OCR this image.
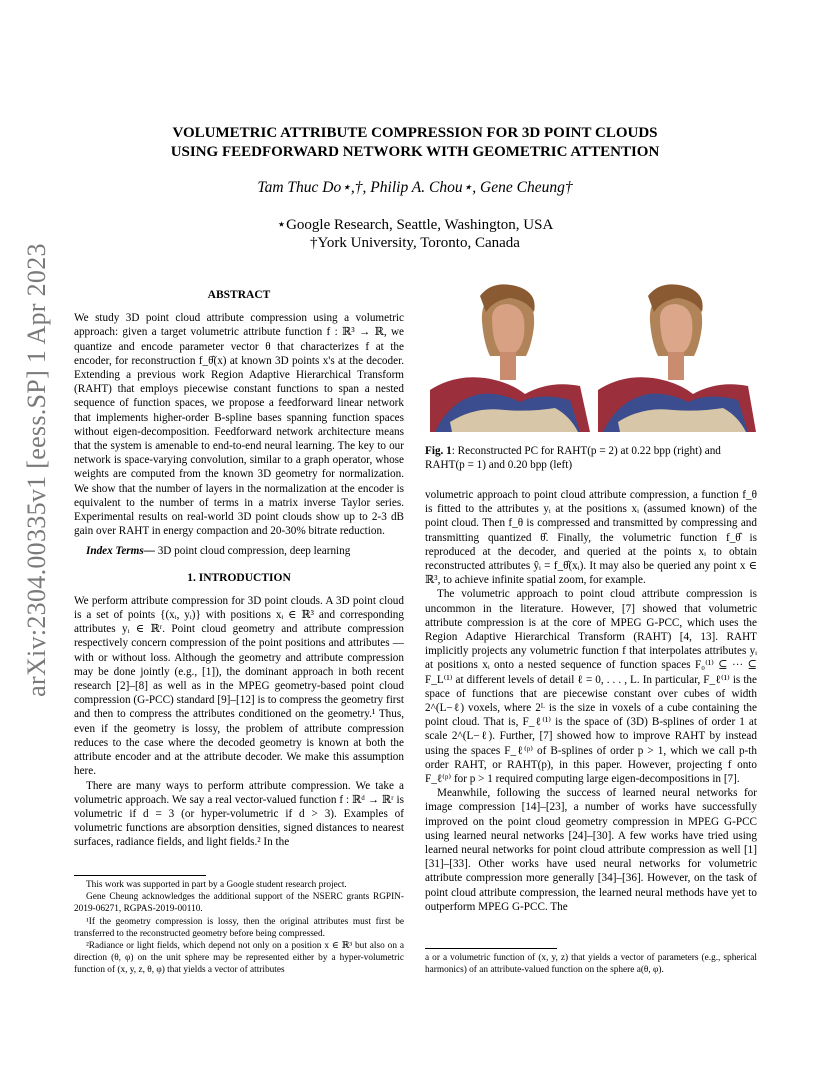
arXiv:2304.00335v1 [eess.SP] 1 Apr 2023
VOLUMETRIC ATTRIBUTE COMPRESSION FOR 3D POINT CLOUDS
USING FEEDFORWARD NETWORK WITH GEOMETRIC ATTENTION
Tam Thuc Do⋆,†, Philip A. Chou⋆, Gene Cheung†
⋆Google Research, Seattle, Washington, USA
†York University, Toronto, Canada
ABSTRACT

We study 3D point cloud attribute compression using a volumetric approach: given a target volumetric attribute function f : ℝ³ → ℝ, we quantize and encode parameter vector θ that characterizes f at the encoder, for reconstruction f_θ̂(x) at known 3D points x's at the decoder. Extending a previous work Region Adaptive Hierarchical Transform (RAHT) that employs piecewise constant functions to span a nested sequence of function spaces, we propose a feedforward linear network that implements higher-order B-spline bases spanning function spaces without eigen-decomposition. Feedforward network architecture means that the system is amenable to end-to-end neural learning. The key to our network is space-varying convolution, similar to a graph operator, whose weights are computed from the known 3D geometry for normalization. We show that the number of layers in the normalization at the encoder is equivalent to the number of terms in a matrix inverse Taylor series. Experimental results on real-world 3D point clouds show up to 2-3 dB gain over RAHT in energy compaction and 20-30% bitrate reduction.

Index Terms— 3D point cloud compression, deep learning

1. INTRODUCTION

We perform attribute compression for 3D point clouds. A 3D point cloud is a set of points {(xᵢ, yᵢ)} with positions xᵢ ∈ ℝ³ and corresponding attributes yᵢ ∈ ℝʳ. Point cloud geometry and attribute compression respectively concern compression of the point positions and attributes — with or without loss. Although the geometry and attribute compression may be done jointly (e.g., [1]), the dominant approach in both recent research [2]–[8] as well as in the MPEG geometry-based point cloud compression (G-PCC) standard [9]–[12] is to compress the geometry first and then to compress the attributes conditioned on the geometry.¹ Thus, even if the geometry is lossy, the problem of attribute compression reduces to the case where the decoded geometry is known at both the attribute encoder and at the attribute decoder. We make this assumption here.

There are many ways to perform attribute compression. We take a volumetric approach. We say a real vector-valued function f : ℝᵈ → ℝʳ is volumetric if d = 3 (or hyper-volumetric if d > 3). Examples of volumetric functions are absorption densities, signed distances to nearest surfaces, radiance fields, and light fields.² In the

This work was supported in part by a Google student research project.

Gene Cheung acknowledges the additional support of the NSERC grants RGPIN-2019-06271, RGPAS-2019-00110.

¹If the geometry compression is lossy, then the original attributes must first be transferred to the reconstructed geometry before being compressed.

²Radiance or light fields, which depend not only on a position x ∈ ℝ³ but also on a direction (θ, φ) on the unit sphere may be represented either by a hyper-volumetric function of (x, y, z, θ, φ) that yields a vector of attributes

Fig. 1: Reconstructed PC for RAHT(p = 2) at 0.22 bpp (right) and RAHT(p = 1) and 0.20 bpp (left)

volumetric approach to point cloud attribute compression, a function f_θ is fitted to the attributes yᵢ at the positions xᵢ (assumed known) of the point cloud. Then f_θ is compressed and transmitted by compressing and transmitting quantized θ̂. Finally, the volumetric function f_θ̂ is reproduced at the decoder, and queried at the points xᵢ to obtain reconstructed attributes ŷᵢ = f_θ̂(xᵢ). It may also be queried any point x ∈ ℝ³, to achieve infinite spatial zoom, for example.

The volumetric approach to point cloud attribute compression is uncommon in the literature. However, [7] showed that volumetric attribute compression is at the core of MPEG G-PCC, which uses the Region Adaptive Hierarchical Transform (RAHT) [4, 13]. RAHT implicitly projects any volumetric function f that interpolates attributes yᵢ at positions xᵢ onto a nested sequence of function spaces F₀⁽¹⁾ ⊆ ··· ⊆ F_L⁽¹⁾ at different levels of detail ℓ = 0, . . . , L. In particular, F_ℓ⁽¹⁾ is the space of functions that are piecewise constant over cubes of width 2^(L−ℓ) voxels, where 2ᴸ is the size in voxels of a cube containing the point cloud. That is, F_ℓ⁽¹⁾ is the space of (3D) B-splines of order 1 at scale 2^(L−ℓ). Further, [7] showed how to improve RAHT by instead using the spaces F_ℓ⁽ᵖ⁾ of B-splines of order p > 1, which we call p-th order RAHT, or RAHT(p), in this paper. However, projecting f onto F_ℓ⁽ᵖ⁾ for p > 1 required computing large eigen-decompositions in [7].

Meanwhile, following the success of learned neural networks for image compression [14]–[23], a number of works have successfully improved on the point cloud geometry compression in MPEG G-PCC using learned neural networks [24]–[30]. A few works have tried using learned neural networks for point cloud attribute compression as well [1][31]–[33]. Other works have used neural networks for volumetric attribute compression more generally [34]–[36]. However, on the task of point cloud attribute compression, the learned neural methods have yet to outperform MPEG G-PCC. The

a or a volumetric function of (x, y, z) that yields a vector of parameters (e.g., spherical harmonics) of an attribute-valued function on the sphere a(θ, φ).
